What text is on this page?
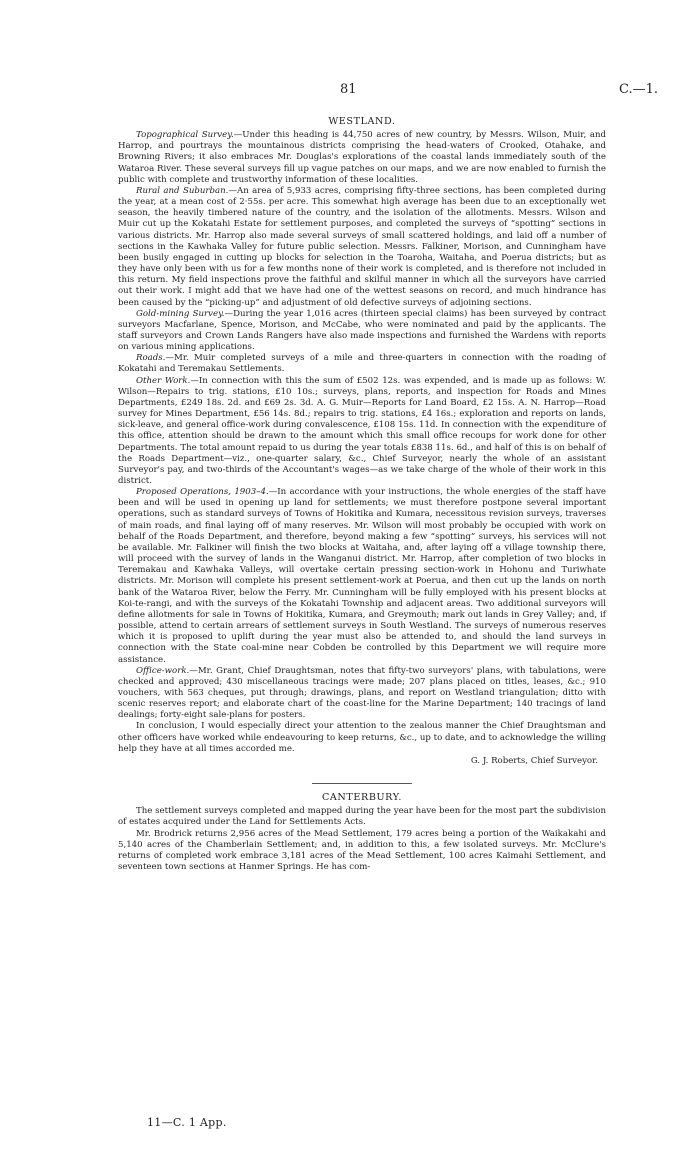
81	C.—1.
WESTLAND.

Topographical Survey.—Under this heading is 44,750 acres of new country, by Messrs. Wilson, Muir, and Harrop, and pourtrays the mountainous districts comprising the head-waters of Crooked, Otahake, and Browning Rivers; it also embraces Mr. Douglas's explorations of the coastal lands immediately south of the Wataroa River. These several surveys fill up vague patches on our maps, and we are now enabled to furnish the public with complete and trustworthy information of these localities.

Rural and Suburban.—An area of 5,933 acres, comprising fifty-three sections, has been completed during the year, at a mean cost of 2·55s. per acre. This somewhat high average has been due to an exceptionally wet season, the heavily timbered nature of the country, and the isolation of the allotments. Messrs. Wilson and Muir cut up the Kokatahi Estate for settlement purposes, and completed the surveys of “spotting” sections in various districts. Mr. Harrop also made several surveys of small scattered holdings, and laid off a number of sections in the Kawhaka Valley for future public selection. Messrs. Falkiner, Morison, and Cunningham have been busily engaged in cutting up blocks for selection in the Toaroha, Waitaha, and Poerua districts; but as they have only been with us for a few months none of their work is completed, and is therefore not included in this return. My field inspections prove the faithful and skilful manner in which all the surveyors have carried out their work. I might add that we have had one of the wettest seasons on record, and much hindrance has been caused by the “picking-up” and adjustment of old defective surveys of adjoining sections.

Gold-mining Survey.—During the year 1,016 acres (thirteen special claims) has been surveyed by contract surveyors Macfarlane, Spence, Morison, and McCabe, who were nominated and paid by the applicants. The staff surveyors and Crown Lands Rangers have also made inspections and furnished the Wardens with reports on various mining applications.

Roads.—Mr. Muir completed surveys of a mile and three-quarters in connection with the roading of Kokatahi and Teremakau Settlements.

Other Work.—In connection with this the sum of £502 12s. was expended, and is made up as follows: W. Wilson—Repairs to trig. stations, £10 10s.; surveys, plans, reports, and inspection for Roads and Mines Departments, £249 18s. 2d. and £69 2s. 3d. A. G. Muir—Reports for Land Board, £2 15s. A. N. Harrop—Road survey for Mines Department, £56 14s. 8d.; repairs to trig. stations, £4 16s.; exploration and reports on lands, sick-leave, and general office-work during convalescence, £108 15s. 11d. In connection with the expenditure of this office, attention should be drawn to the amount which this small office recoups for work done for other Departments. The total amount repaid to us during the year totals £838 11s. 6d., and half of this is on behalf of the Roads Department—viz., one-quarter salary, &c., Chief Surveyor, nearly the whole of an assistant Surveyor's pay, and two-thirds of the Accountant's wages—as we take charge of the whole of their work in this district.

Proposed Operations, 1903–4.—In accordance with your instructions, the whole energies of the staff have been and will be used in opening up land for settlements; we must therefore postpone several important operations, such as standard surveys of Towns of Hokitika and Kumara, necessitous revision surveys, traverses of main roads, and final laying off of many reserves. Mr. Wilson will most probably be occupied with work on behalf of the Roads Department, and therefore, beyond making a few “spotting” surveys, his services will not be available. Mr. Falkiner will finish the two blocks at Waitaha, and, after laying off a village township there, will proceed with the survey of lands in the Wanganui district. Mr. Harrop, after completion of two blocks in Teremakau and Kawhaka Valleys, will overtake certain pressing section-work in Hohonu and Turiwhate districts. Mr. Morison will complete his present settlement-work at Poerua, and then cut up the lands on north bank of the Wataroa River, below the Ferry. Mr. Cunningham will be fully employed with his present blocks at Koi-te-rangi, and with the surveys of the Kokatahi Township and adjacent areas. Two additional surveyors will define allotments for sale in Towns of Hokitika, Kumara, and Greymouth; mark out lands in Grey Valley; and, if possible, attend to certain arrears of settlement surveys in South Westland. The surveys of numerous reserves which it is proposed to uplift during the year must also be attended to, and should the land surveys in connection with the State coal-mine near Cobden be controlled by this Department we will require more assistance.

Office-work.—Mr. Grant, Chief Draughtsman, notes that fifty-two surveyors' plans, with tabulations, were checked and approved; 430 miscellaneous tracings were made; 207 plans placed on titles, leases, &c.; 910 vouchers, with 563 cheques, put through; drawings, plans, and report on Westland triangulation; ditto with scenic reserves report; and elaborate chart of the coast-line for the Marine Department; 140 tracings of land dealings; forty-eight sale-plans for posters.

In conclusion, I would especially direct your attention to the zealous manner the Chief Draughtsman and other officers have worked while endeavouring to keep returns, &c., up to date, and to acknowledge the willing help they have at all times accorded me.

G. J. Roberts, Chief Surveyor.
CANTERBURY.

The settlement surveys completed and mapped during the year have been for the most part the subdivision of estates acquired under the Land for Settlements Acts.

Mr. Brodrick returns 2,956 acres of the Mead Settlement, 179 acres being a portion of the Waikakahi and 5,140 acres of the Chamberlain Settlement; and, in addition to this, a few isolated surveys. Mr. McClure's returns of completed work embrace 3,181 acres of the Mead Settlement, 100 acres Kaimahi Settlement, and seventeen town sections at Hanmer Springs. He has com-

11—C. 1 App.
